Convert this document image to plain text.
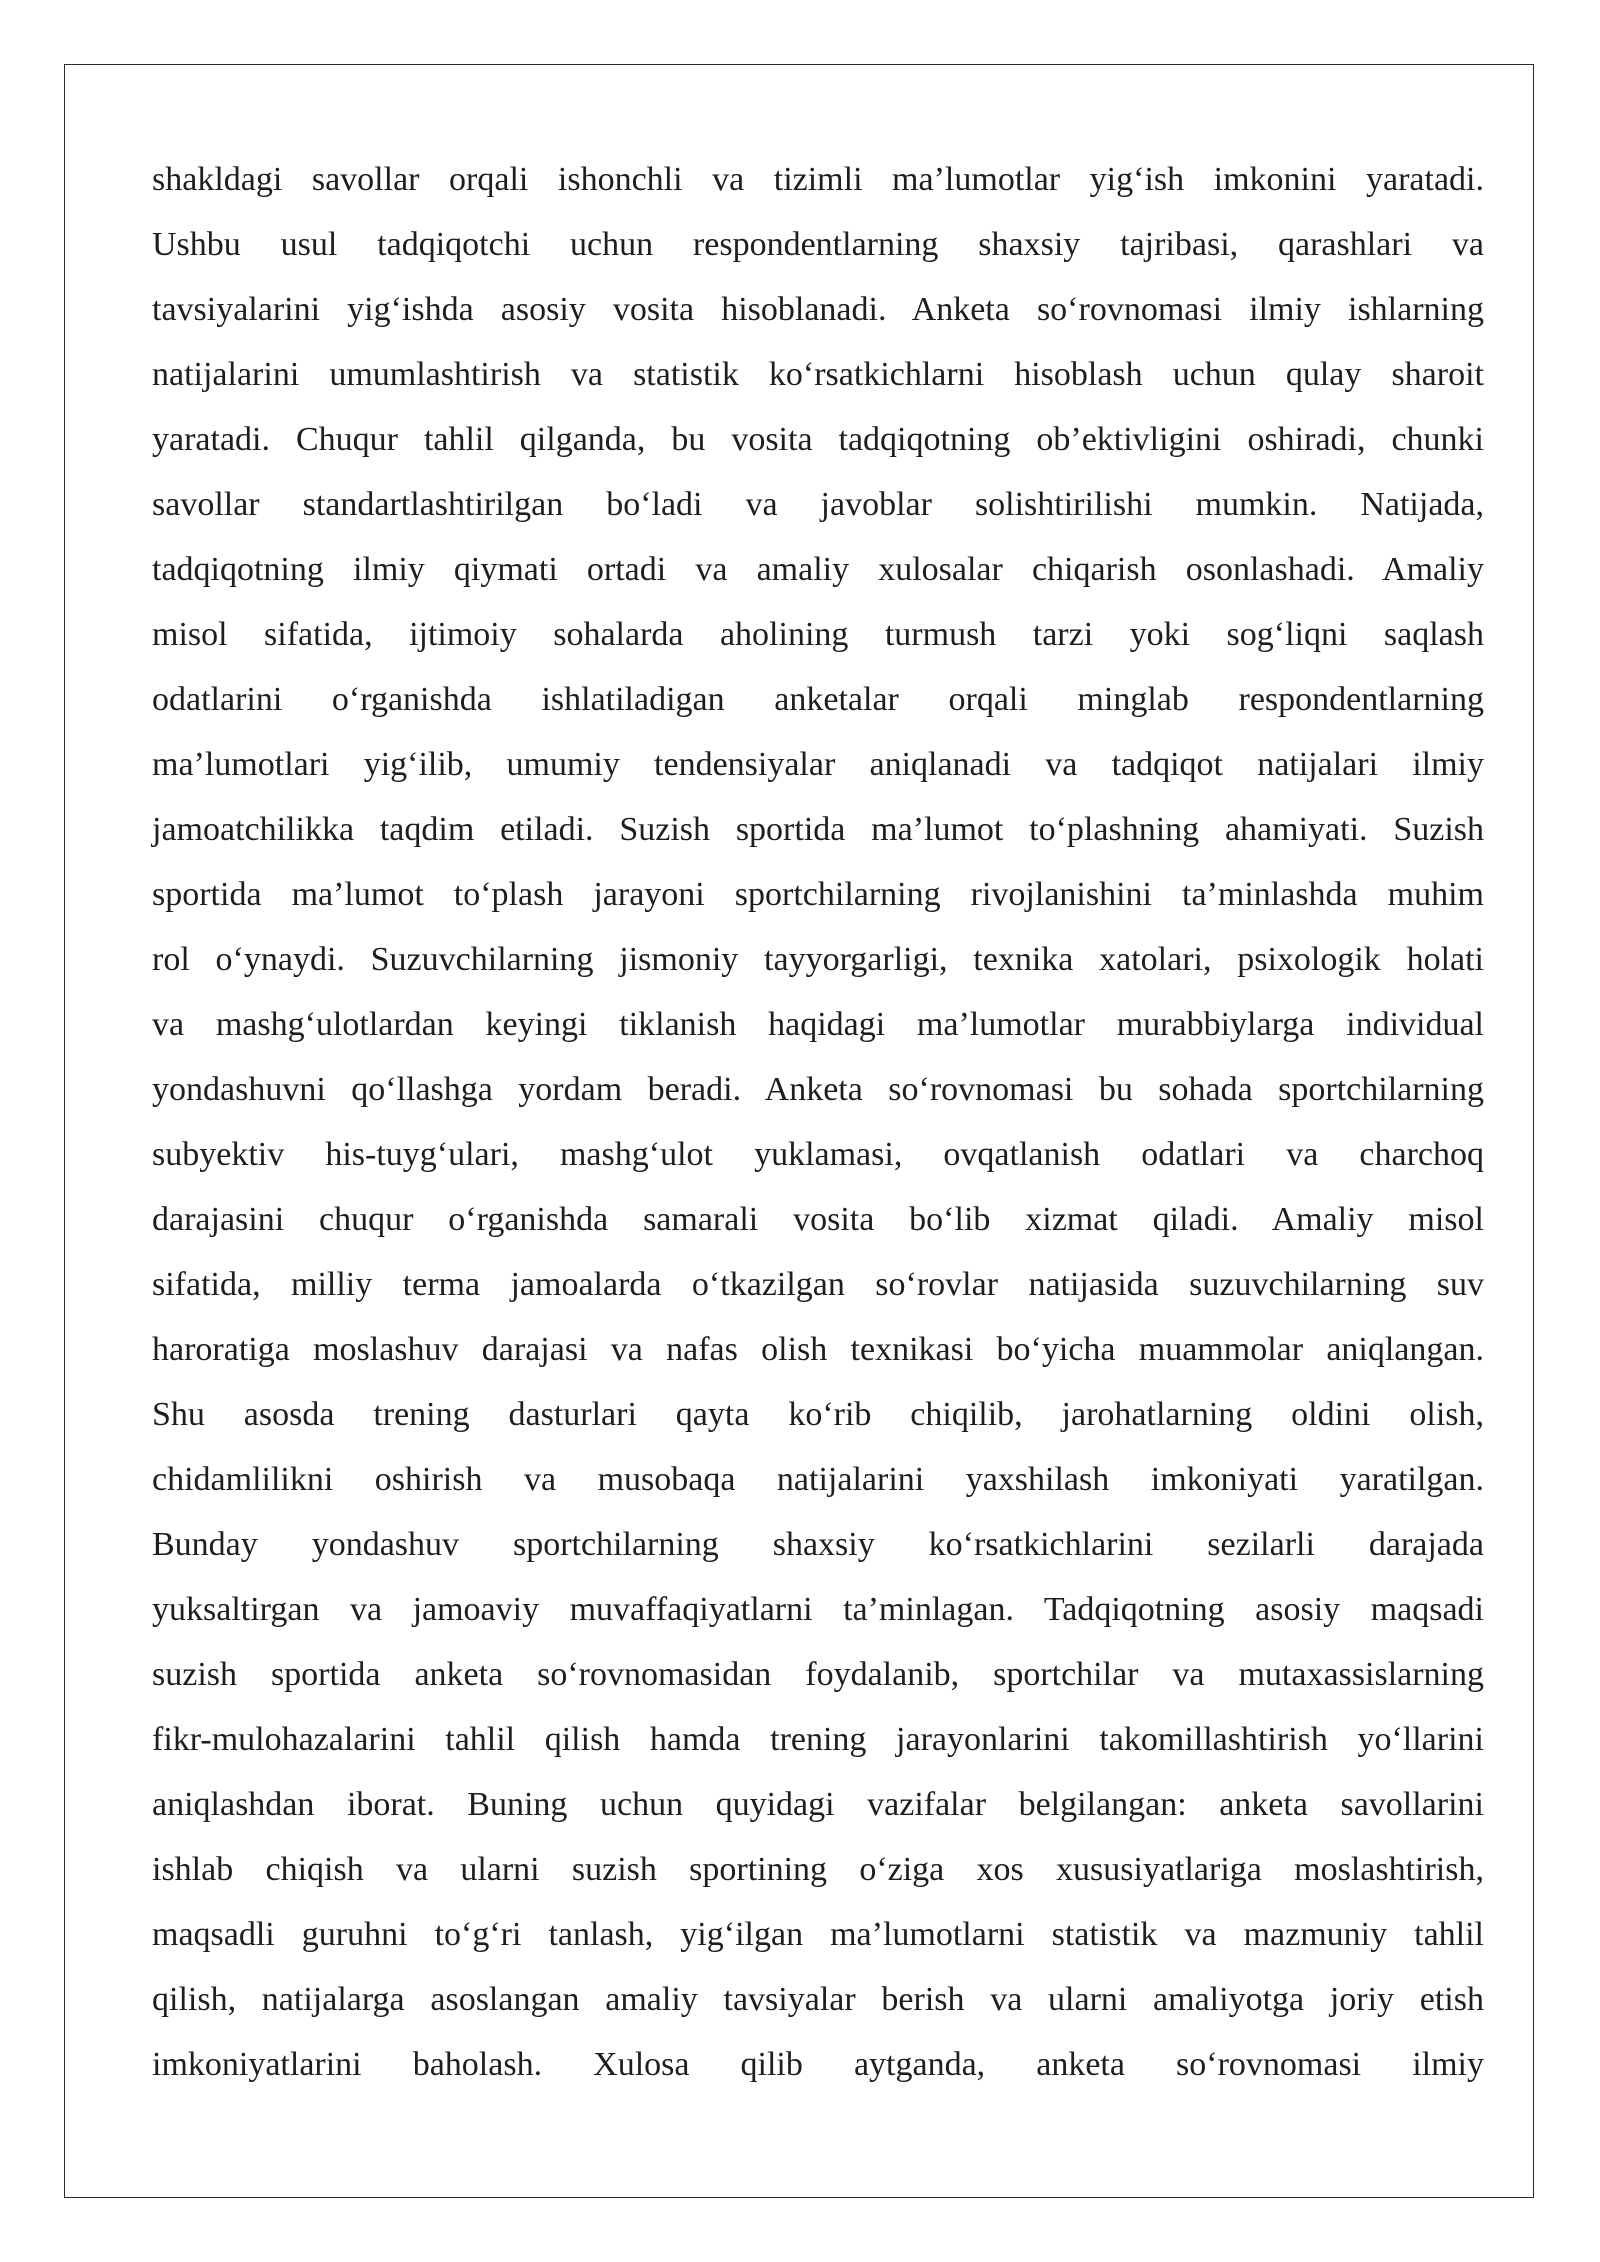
shakldagi savollar orqali ishonchli va tizimli ma’lumotlar yig‘ish imkonini yaratadi.
Ushbu usul tadqiqotchi uchun respondentlarning shaxsiy tajribasi, qarashlari va
tavsiyalarini yig‘ishda asosiy vosita hisoblanadi. Anketa so‘rovnomasi ilmiy ishlarning
natijalarini umumlashtirish va statistik ko‘rsatkichlarni hisoblash uchun qulay sharoit
yaratadi. Chuqur tahlil qilganda, bu vosita tadqiqotning ob’ektivligini oshiradi, chunki
savollar standartlashtirilgan bo‘ladi va javoblar solishtirilishi mumkin. Natijada,
tadqiqotning ilmiy qiymati ortadi va amaliy xulosalar chiqarish osonlashadi. Amaliy
misol sifatida, ijtimoiy sohalarda aholining turmush tarzi yoki sog‘liqni saqlash
odatlarini o‘rganishda ishlatiladigan anketalar orqali minglab respondentlarning
ma’lumotlari yig‘ilib, umumiy tendensiyalar aniqlanadi va tadqiqot natijalari ilmiy
jamoatchilikka taqdim etiladi. Suzish sportida ma’lumot to‘plashning ahamiyati. Suzish
sportida ma’lumot to‘plash jarayoni sportchilarning rivojlanishini ta’minlashda muhim
rol o‘ynaydi. Suzuvchilarning jismoniy tayyorgarligi, texnika xatolari, psixologik holati
va mashg‘ulotlardan keyingi tiklanish haqidagi ma’lumotlar murabbiylarga individual
yondashuvni qo‘llashga yordam beradi. Anketa so‘rovnomasi bu sohada sportchilarning
subyektiv his-tuyg‘ulari, mashg‘ulot yuklamasi, ovqatlanish odatlari va charchoq
darajasini chuqur o‘rganishda samarali vosita bo‘lib xizmat qiladi. Amaliy misol
sifatida, milliy terma jamoalarda o‘tkazilgan so‘rovlar natijasida suzuvchilarning suv
haroratiga moslashuv darajasi va nafas olish texnikasi bo‘yicha muammolar aniqlangan.
Shu asosda trening dasturlari qayta ko‘rib chiqilib, jarohatlarning oldini olish,
chidamlilikni oshirish va musobaqa natijalarini yaxshilash imkoniyati yaratilgan.
Bunday yondashuv sportchilarning shaxsiy ko‘rsatkichlarini sezilarli darajada
yuksaltirgan va jamoaviy muvaffaqiyatlarni ta’minlagan. Tadqiqotning asosiy maqsadi
suzish sportida anketa so‘rovnomasidan foydalanib, sportchilar va mutaxassislarning
fikr-mulohazalarini tahlil qilish hamda trening jarayonlarini takomillashtirish yo‘llarini
aniqlashdan iborat. Buning uchun quyidagi vazifalar belgilangan: anketa savollarini
ishlab chiqish va ularni suzish sportining o‘ziga xos xususiyatlariga moslashtirish,
maqsadli guruhni to‘g‘ri tanlash, yig‘ilgan ma’lumotlarni statistik va mazmuniy tahlil
qilish, natijalarga asoslangan amaliy tavsiyalar berish va ularni amaliyotga joriy etish
imkoniyatlarini baholash. Xulosa qilib aytganda, anketa so‘rovnomasi ilmiy
